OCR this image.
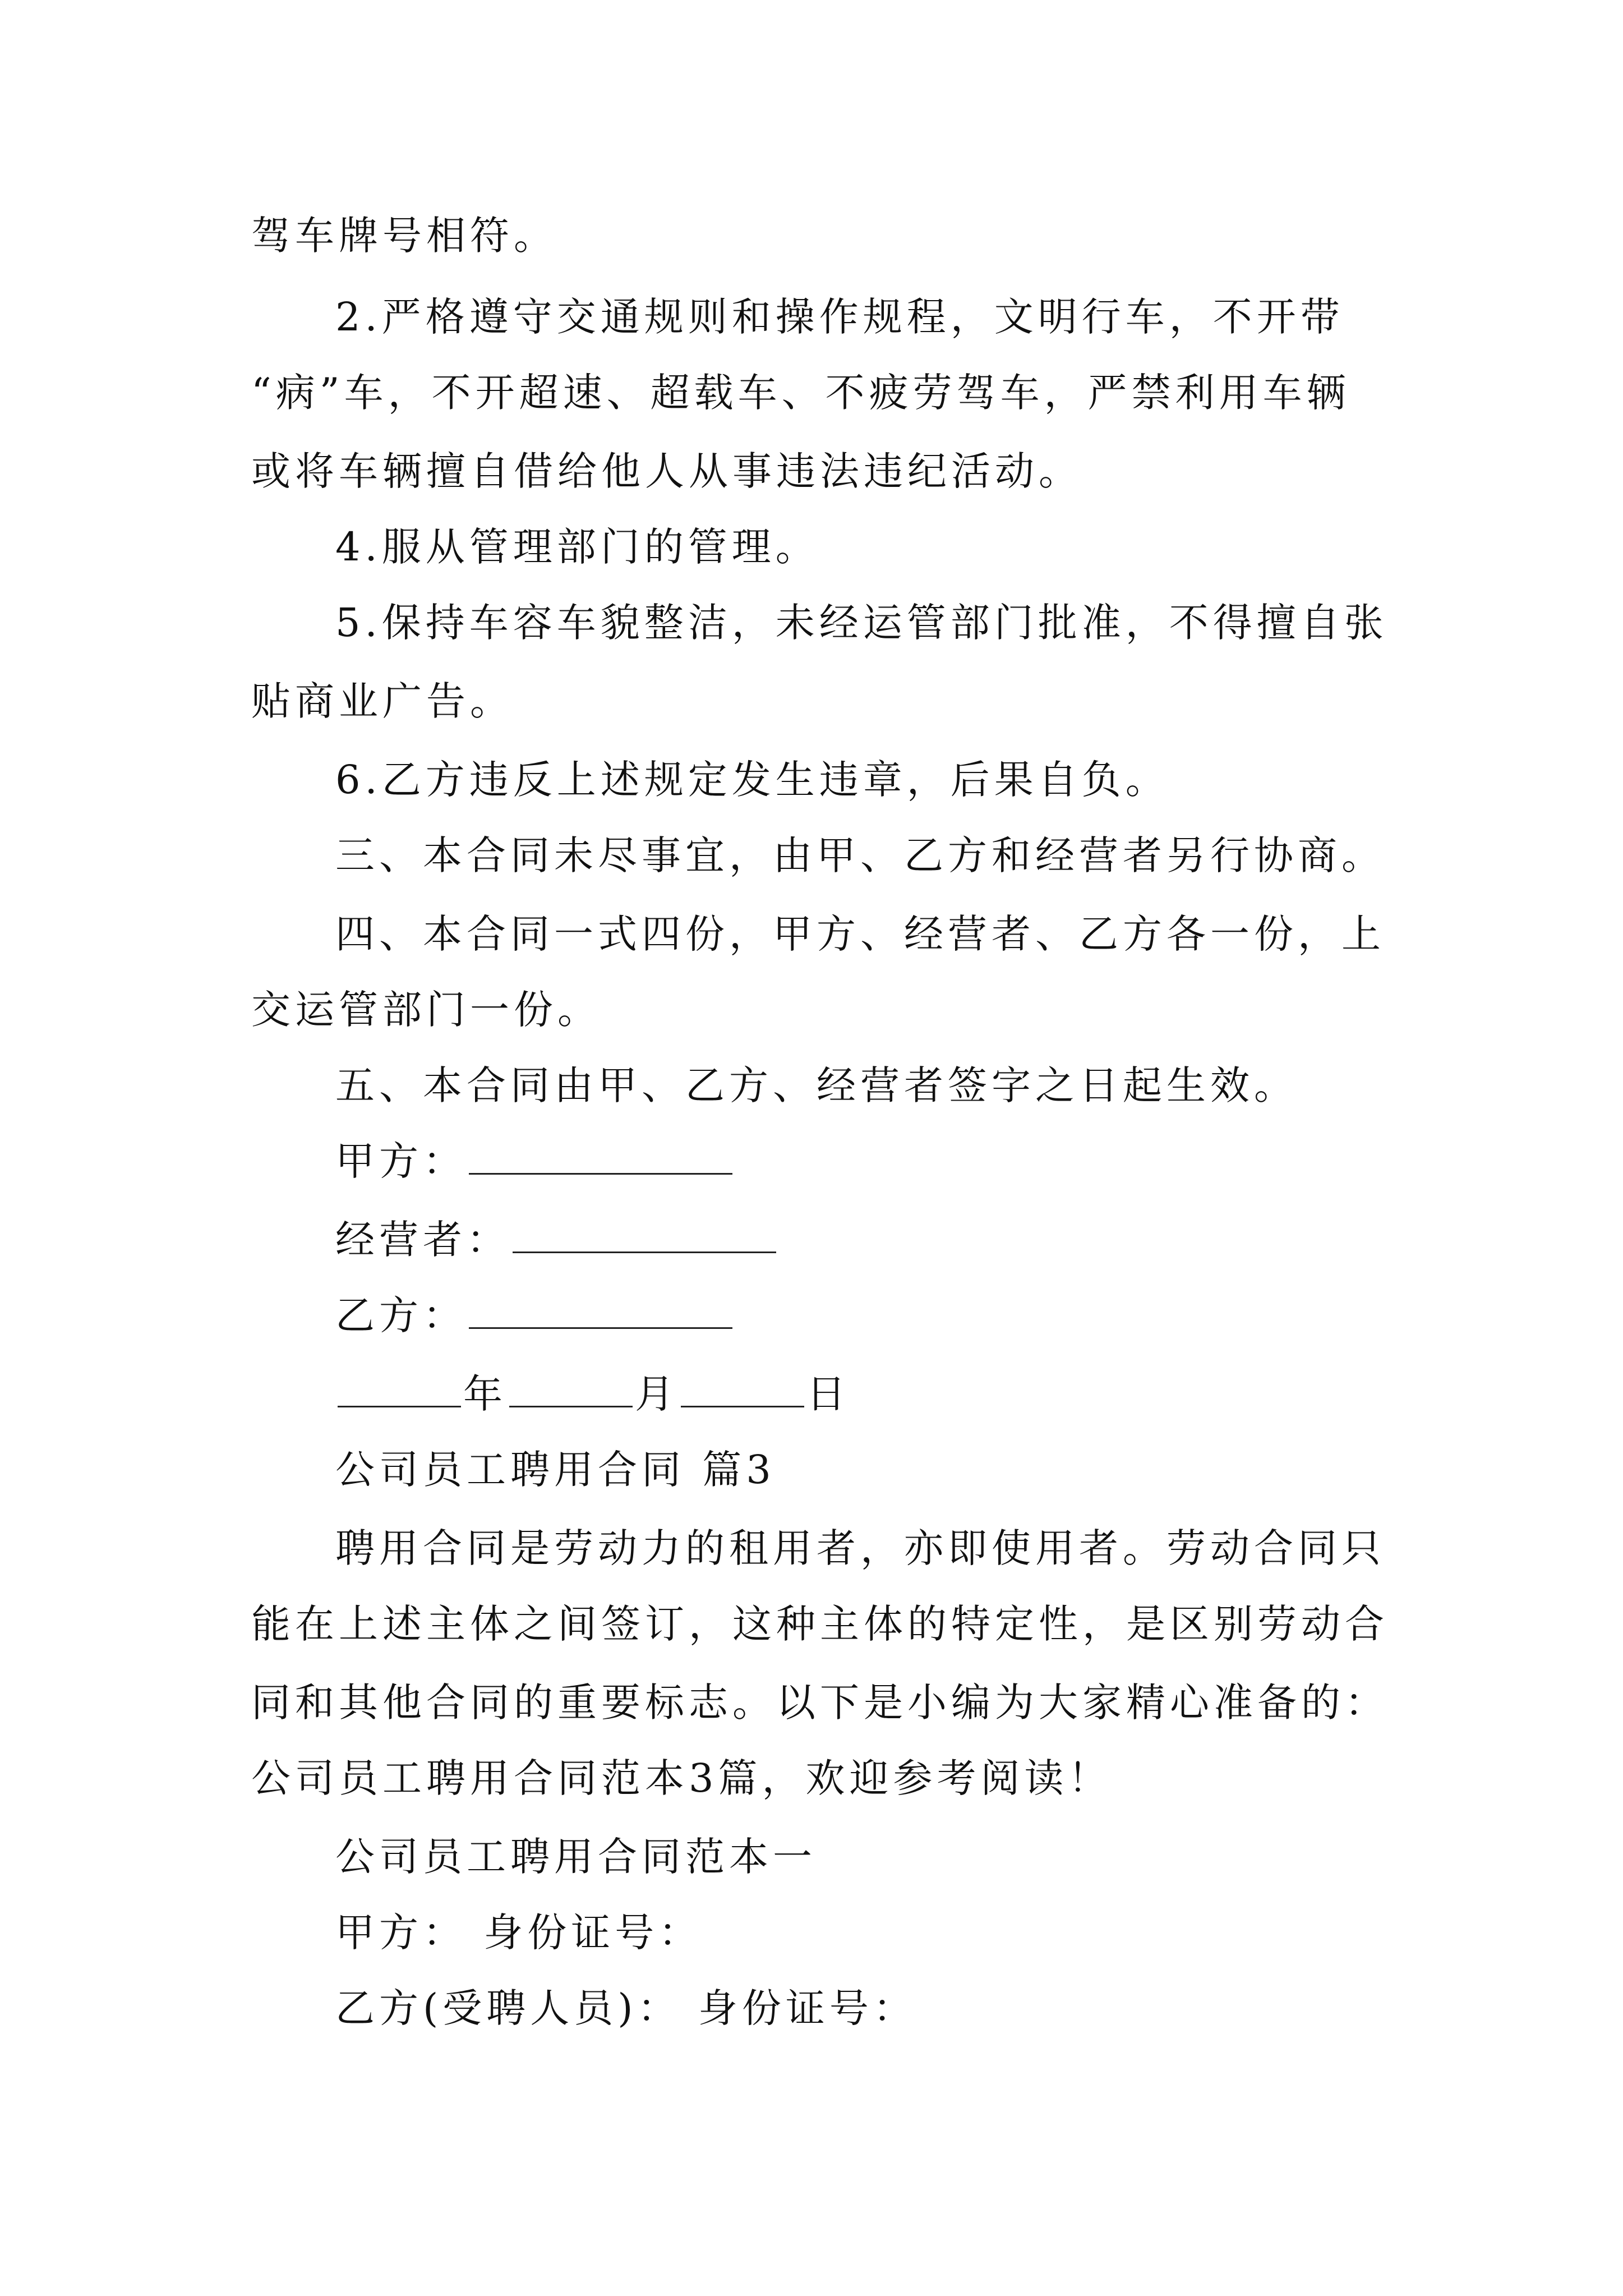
驾车牌号相符。
2.严格遵守交通规则和操作规程，文明行车，不开带
“病”车，不开超速、超载车、不疲劳驾车，严禁利用车辆
或将车辆擅自借给他人从事违法违纪活动。
4.服从管理部门的管理。
5.保持车容车貌整洁，未经运管部门批准，不得擅自张
贴商业广告。
6.乙方违反上述规定发生违章，后果自负。
三、本合同未尽事宜，由甲、乙方和经营者另行协商。
四、本合同一式四份，甲方、经营者、乙方各一份，上
交运管部门一份。
五、本合同由甲、乙方、经营者签字之日起生效。
甲方：
经营者：
乙方：
年	月	日
公司员工聘用合同 篇3
聘用合同是劳动力的租用者，亦即使用者。劳动合同只
能在上述主体之间签订，这种主体的特定性，是区别劳动合
同和其他合同的重要标志。以下是小编为大家精心准备的：
公司员工聘用合同范本3篇，欢迎参考阅读！
公司员工聘用合同范本一
甲方： 身份证号：
乙方(受聘人员)： 身份证号：
